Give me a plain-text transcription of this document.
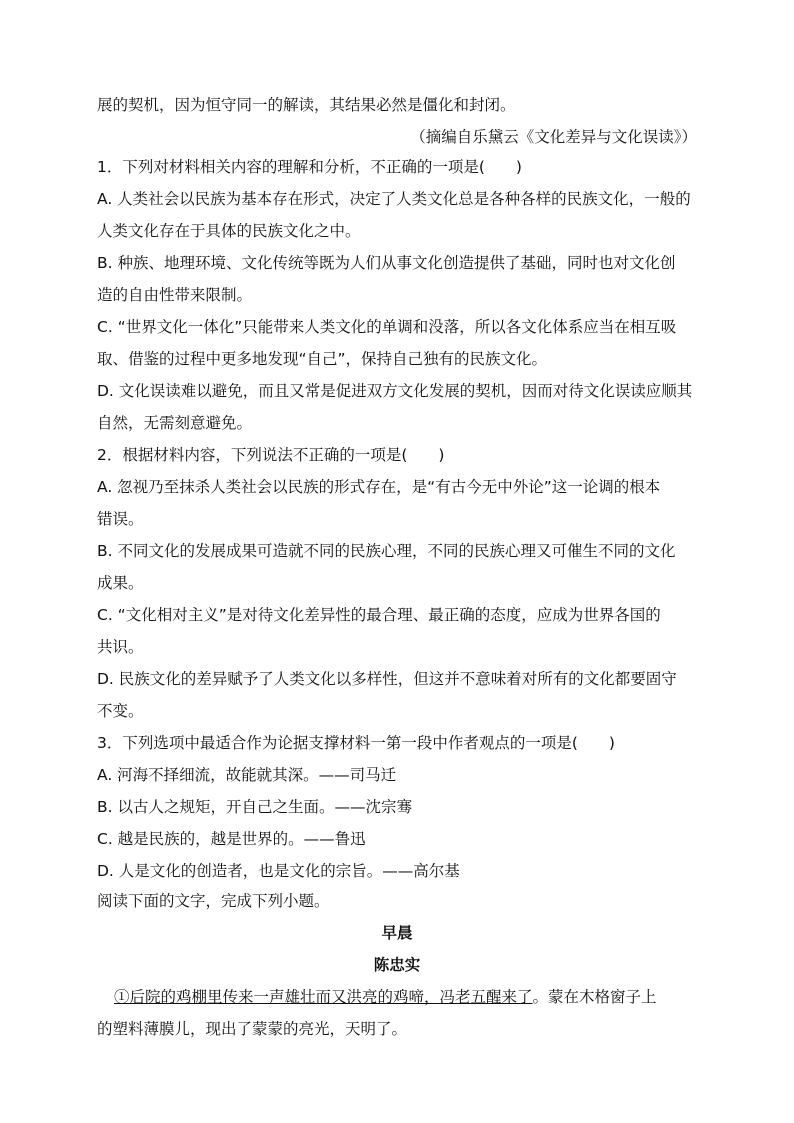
展的契机，因为恒守同一的解读，其结果必然是僵化和封闭。
（摘编自乐黛云《文化差异与文化误读》）
1．下列对材料相关内容的理解和分析，不正确的一项是(　　)
A. 人类社会以民族为基本存在形式，决定了人类文化总是各种各样的民族文化，一般的
人类文化存在于具体的民族文化之中。
B. 种族、地理环境、文化传统等既为人们从事文化创造提供了基础，同时也对文化创
造的自由性带来限制。
C. “世界文化一体化”只能带来人类文化的单调和没落，所以各文化体系应当在相互吸
取、借鉴的过程中更多地发现“自己”，保持自己独有的民族文化。
D. 文化误读难以避免，而且又常是促进双方文化发展的契机，因而对待文化误读应顺其
自然，无需刻意避免。
2．根据材料内容，下列说法不正确的一项是(　　)
A. 忽视乃至抹杀人类社会以民族的形式存在，是“有古今无中外论”这一论调的根本
错误。
B. 不同文化的发展成果可造就不同的民族心理，不同的民族心理又可催生不同的文化
成果。
C. “文化相对主义”是对待文化差异性的最合理、最正确的态度，应成为世界各国的
共识。
D. 民族文化的差异赋予了人类文化以多样性，但这并不意味着对所有的文化都要固守
不变。
3．下列选项中最适合作为论据支撑材料一第一段中作者观点的一项是(　　)
A. 河海不择细流，故能就其深。——司马迁
B. 以古人之规矩，开自己之生面。——沈宗骞
C. 越是民族的，越是世界的。——鲁迅
D. 人是文化的创造者，也是文化的宗旨。——高尔基
阅读下面的文字，完成下列小题。
早晨
陈忠实
①后院的鸡棚里传来一声雄壮而又洪亮的鸡啼，冯老五醒来了。蒙在木格窗子上
的塑料薄膜儿，现出了蒙蒙的亮光，天明了。
